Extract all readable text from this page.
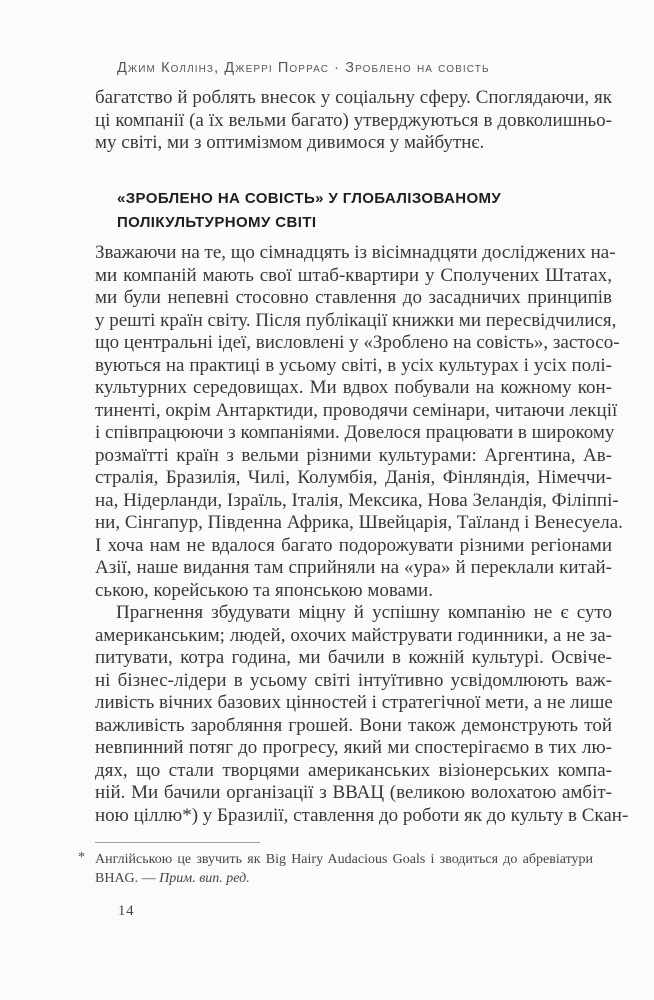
Джим Коллінз, Джеррі Поррас · Зроблено на совість
багатство й роблять внесок у соціальну сферу. Споглядаючи, як
ці компанії (а їх вельми багато) утверджуються в довколишньо-
му світі, ми з оптимізмом дивимося у майбутнє.
«ЗРОБЛЕНО НА СОВІСТЬ» У ГЛОБАЛІЗОВАНОМУ
ПОЛІКУЛЬТУРНОМУ СВІТІ
Зважаючи на те, що сімнадцять із вісімнадцяти досліджених на-
ми компаній мають свої штаб-квартири у Сполучених Штатах,
ми були непевні стосовно ставлення до засадничих принципів
у решті країн світу. Після публікації книжки ми пересвідчилися,
що центральні ідеї, висловлені у «Зроблено на совість», застосо-
вуються на практиці в усьому світі, в усіх культурах і усіх полі-
культурних середовищах. Ми вдвох побували на кожному кон-
тиненті, окрім Антарктиди, проводячи семінари, читаючи лекції
і співпрацюючи з компаніями. Довелося працювати в широкому
розмаїтті країн з вельми різними культурами: Аргентина, Ав-
стралія, Бразилія, Чилі, Колумбія, Данія, Фінляндія, Німеччи-
на, Нідерланди, Ізраїль, Італія, Мексика, Нова Зеландія, Філіппі-
ни, Сінгапур, Південна Африка, Швейцарія, Таїланд і Венесуела.
І хоча нам не вдалося багато подорожувати різними регіонами
Азії, наше видання там сприйняли на «ура» й переклали китай-
ською, корейською та японською мовами.
Прагнення збудувати міцну й успішну компанію не є суто
американським; людей, охочих майструвати годинники, а не за-
питувати, котра година, ми бачили в кожній культурі. Освіче-
ні бізнес-лідери в усьому світі інтуїтивно усвідомлюють важ-
ливість вічних базових цінностей і стратегічної мети, а не лише
важливість заробляння грошей. Вони також демонструють той
невпинний потяг до прогресу, який ми спостерігаємо в тих лю-
дях, що стали творцями американських візіонерських компа-
ній. Ми бачили організації з ВВАЦ (великою волохатою амбіт-
ною ціллю*) у Бразилії, ставлення до роботи як до культу в Скан-
* Англійською це звучить як Big Hairy Audacious Goals і зводиться до абревіатури
BHAG. — Прим. вип. ред.
14
